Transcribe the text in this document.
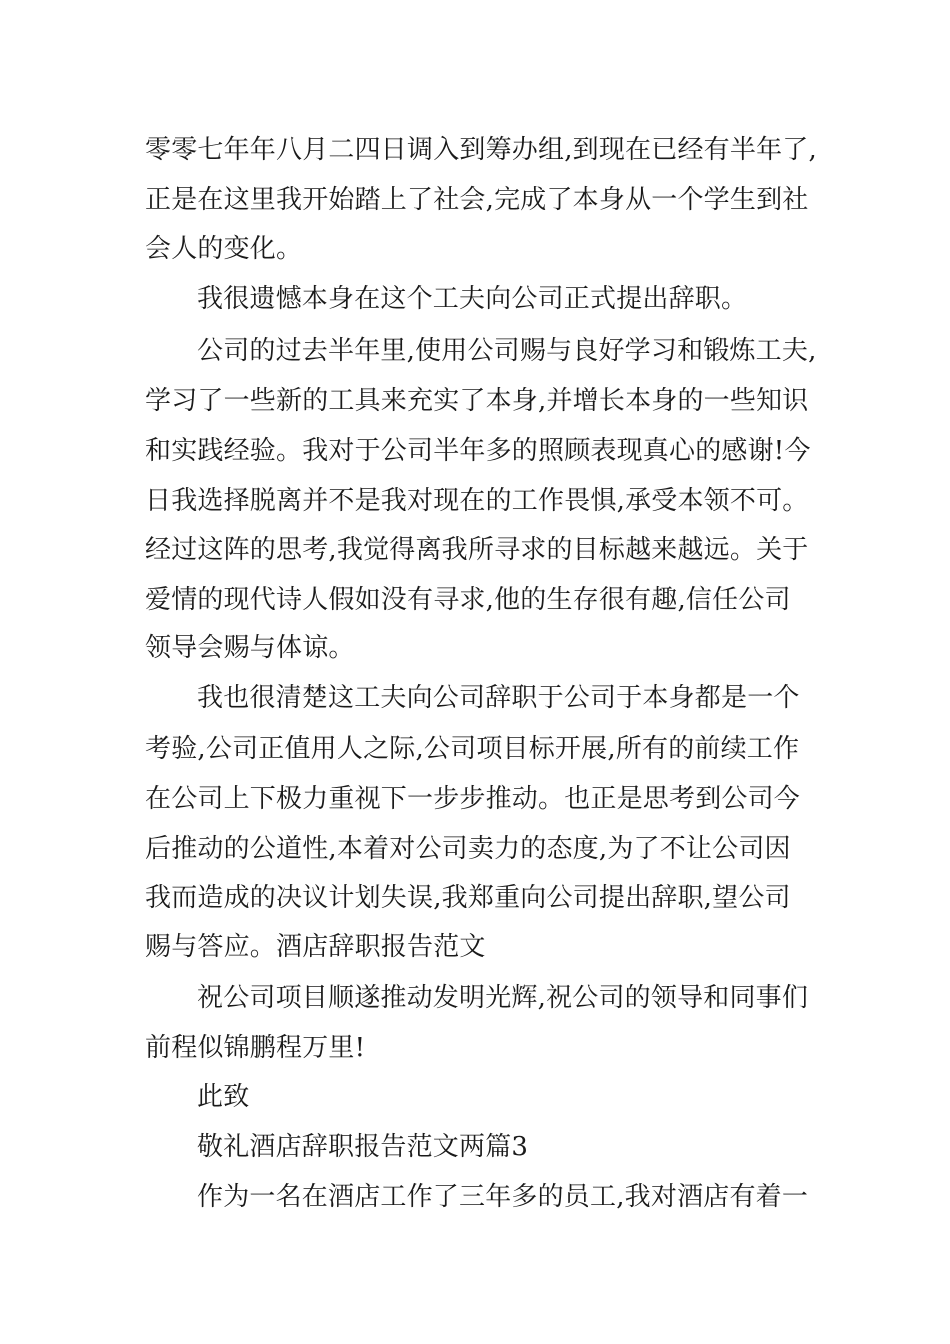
零零七年年八月二四日调入到筹办组,到现在已经有半年了,
正是在这里我开始踏上了社会,完成了本身从一个学生到社
会人的变化。
我很遗憾本身在这个工夫向公司正式提出辞职。
公司的过去半年里,使用公司赐与良好学习和锻炼工夫,
学习了一些新的工具来充实了本身,并增长本身的一些知识
和实践经验。我对于公司半年多的照顾表现真心的感谢!今
日我选择脱离并不是我对现在的工作畏惧,承受本领不可。
经过这阵的思考,我觉得离我所寻求的目标越来越远。关于
爱情的现代诗人假如没有寻求,他的生存很有趣,信任公司
领导会赐与体谅。
我也很清楚这工夫向公司辞职于公司于本身都是一个
考验,公司正值用人之际,公司项目标开展,所有的前续工作
在公司上下极力重视下一步步推动。也正是思考到公司今
后推动的公道性,本着对公司卖力的态度,为了不让公司因
我而造成的决议计划失误,我郑重向公司提出辞职,望公司
赐与答应。酒店辞职报告范文
祝公司项目顺遂推动发明光辉,祝公司的领导和同事们
前程似锦鹏程万里!
此致
敬礼酒店辞职报告范文两篇3
作为一名在酒店工作了三年多的员工,我对酒店有着一
